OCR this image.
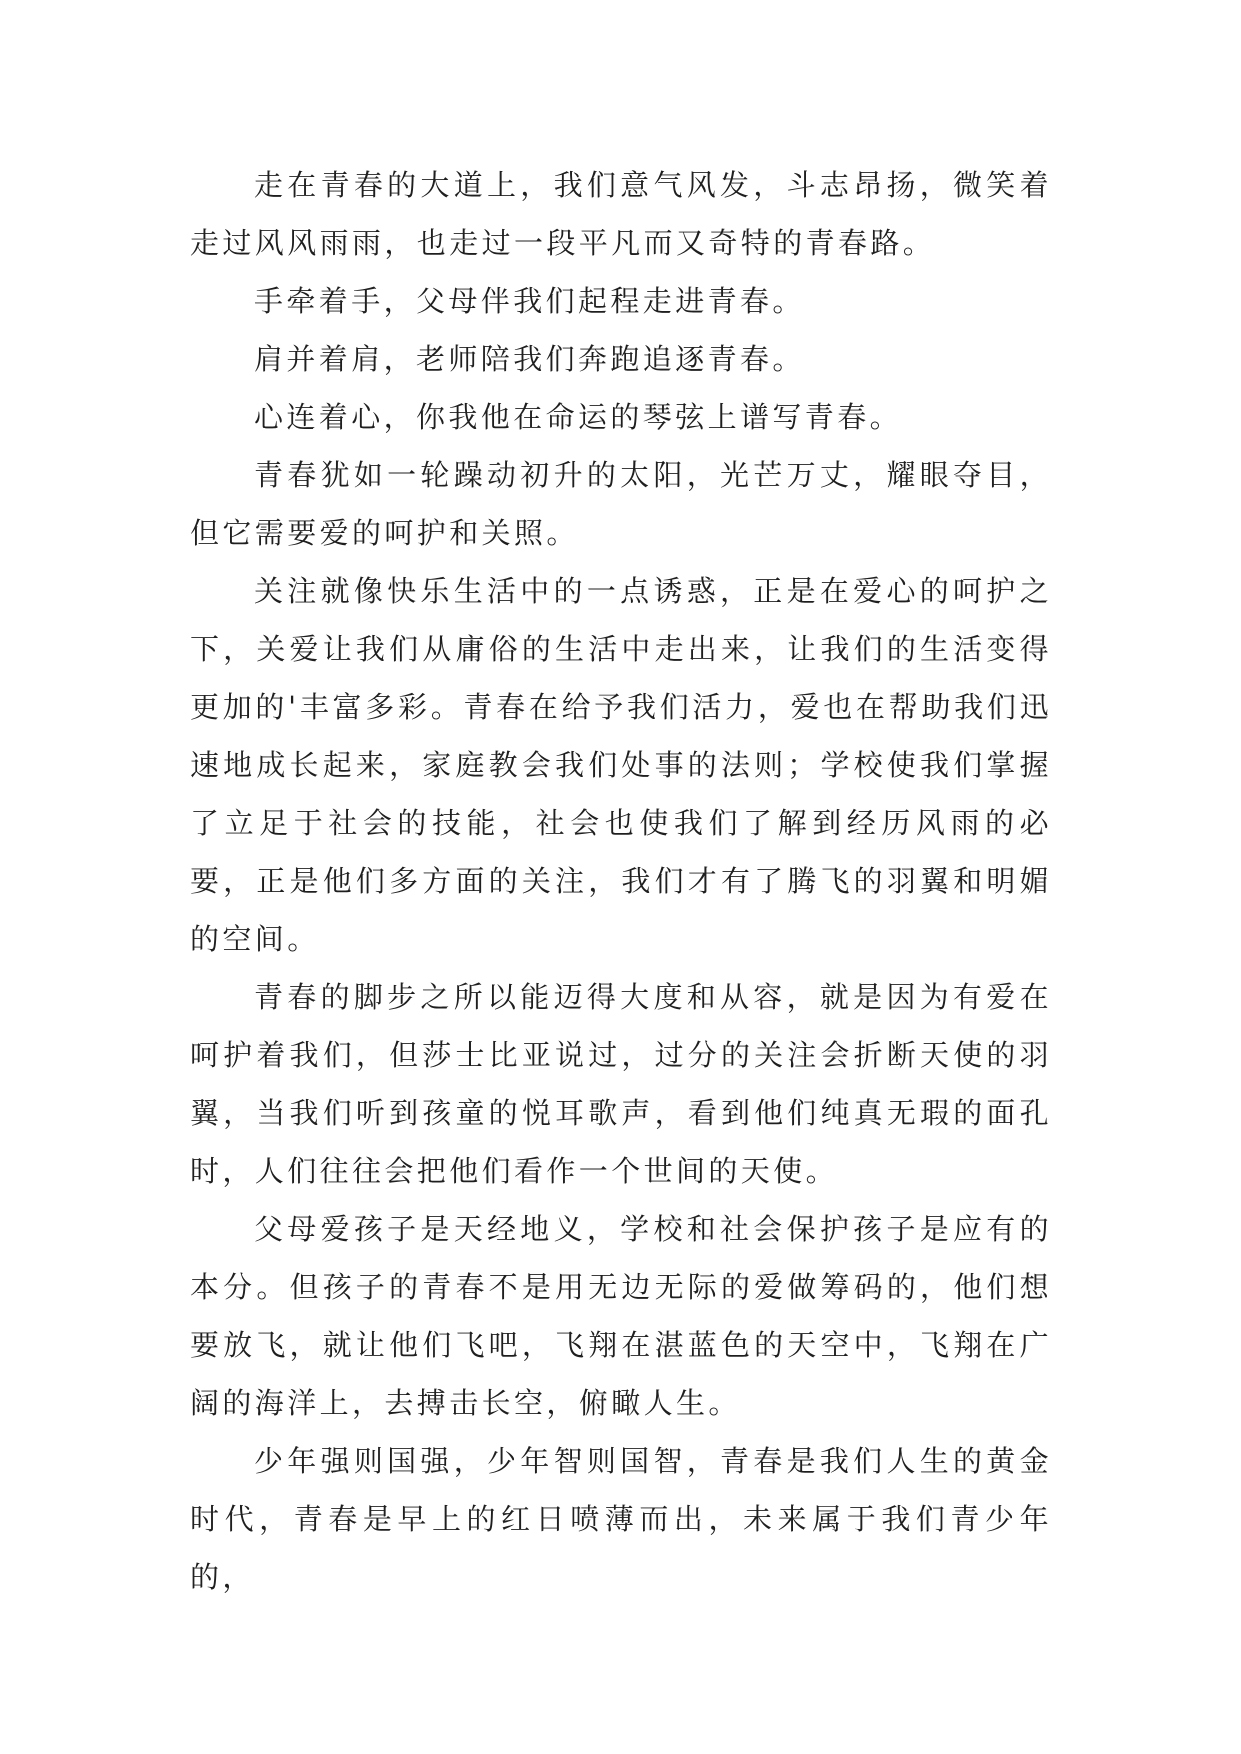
走在青春的大道上，我们意气风发，斗志昂扬，微笑着走过风风雨雨，也走过一段平凡而又奇特的青春路。

手牵着手，父母伴我们起程走进青春。

肩并着肩，老师陪我们奔跑追逐青春。

心连着心，你我他在命运的琴弦上谱写青春。

青春犹如一轮躁动初升的太阳，光芒万丈，耀眼夺目，但它需要爱的呵护和关照。

关注就像快乐生活中的一点诱惑，正是在爱心的呵护之下，关爱让我们从庸俗的生活中走出来，让我们的生活变得更加的'丰富多彩。青春在给予我们活力，爱也在帮助我们迅速地成长起来，家庭教会我们处事的法则；学校使我们掌握了立足于社会的技能，社会也使我们了解到经历风雨的必要，正是他们多方面的关注，我们才有了腾飞的羽翼和明媚的空间。

青春的脚步之所以能迈得大度和从容，就是因为有爱在呵护着我们，但莎士比亚说过，过分的关注会折断天使的羽翼，当我们听到孩童的悦耳歌声，看到他们纯真无瑕的面孔时，人们往往会把他们看作一个世间的天使。

父母爱孩子是天经地义，学校和社会保护孩子是应有的本分。但孩子的青春不是用无边无际的爱做筹码的，他们想要放飞，就让他们飞吧，飞翔在湛蓝色的天空中，飞翔在广阔的海洋上，去搏击长空，俯瞰人生。

少年强则国强，少年智则国智，青春是我们人生的黄金时代，青春是早上的红日喷薄而出，未来属于我们青少年的，
